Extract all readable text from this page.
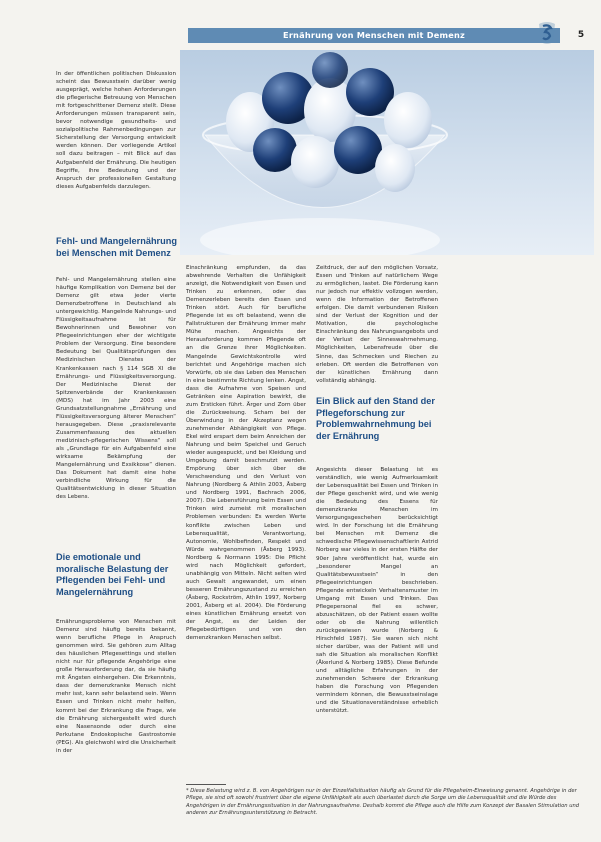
Ernährung von Menschen mit Demenz	5

In der öffentlichen politischen Diskussion scheint das Bewusstsein darüber wenig ausgeprägt, welche hohen Anforderungen die pflegerische Betreuung von Menschen mit fortgeschrittener Demenz stellt. Diese Anforderungen müssen transparent sein, bevor notwendige gesundheits- und sozialpolitische Rahmenbedingungen zur Sicherstellung der Versorgung entwickelt werden können. Der vorliegende Artikel soll dazu beitragen – mit Blick auf das Aufgabenfeld der Ernährung. Die heutigen Begriffe, ihre Bedeutung und der Anspruch der professionellen Gestaltung dieses Aufgabenfelds darzulegen.

Fehl- und Mangelernährung bei Menschen mit Demenz

Fehl- und Mangelernährung stellen eine häufige Komplikation von Demenz bei der Demenz gilt etwa jeder vierte Demenzbetroffene in Deutschland als untergewichtig. Mangelnde Nahrungs- und Flüssigkeitsaufnahme ist für Bewohnerinnen und Bewohner von Pflegeeinrichtungen eher der wichtigste Problem der Versorgung. Eine besondere Bedeutung bei Qualitätsprüfungen des Medizinischen Dienstes der Krankenkassen nach § 114 SGB XI die Ernährungs- und Flüssigkeitsversorgung. Der Medizinische Dienst der Spitzenverbände der Krankenkassen (MDS) hat im Jahr 2003 eine Grundsatzstellungnahme „Ernährung und Flüssigkeitsversorgung älterer Menschen“ herausgegeben. Diese „praxisrelevante Zusammenfassung des aktuellen medizinisch-pflegerischen Wissens“ soll als „Grundlage für ein Aufgabenfeld eine wirksame Bekämpfung der Mangelernährung und Exsikkose“ dienen. Das Dokument hat damit eine hohe verbindliche Wirkung für die Qualitätsentwicklung in dieser Situation des Lebens.

Die emotionale und moralische Belastung der Pflegenden bei Fehl- und Mangelernährung

Ernährungsprobleme von Menschen mit Demenz sind häufig bereits bekannt, wenn berufliche Pflege in Anspruch genommen wird. Sie gehören zum Alltag des häuslichen Pflegesettings und stellen nicht nur für pflegende Angehörige eine große Herausforderung dar, da sie häufig mit Ängsten einhergehen. Die Erkenntnis, dass der demenzkranke Mensch nicht mehr isst, kann sehr belastend sein. Wenn Essen und Trinken nicht mehr helfen, kommt bei der Erkrankung die Frage, wie die Ernährung sichergestellt wird durch eine Nasensonde oder durch eine Perkutane Endoskopische Gastrostomie (PEG). Als gleichwohl wird die Unsicherheit in der

Einschränkung empfunden, da das abwehrende Verhalten die Unfähigkeit anzeigt, die Notwendigkeit von Essen und Trinken zu erkennen, oder das Demenzerleben bereits den Essen und Trinken stört. Auch für berufliche Pflegende ist es oft belastend, wenn die Fallstrukturen der Ernährung immer mehr Mühe machen. Angesichts der Herausforderung kommen Pflegende oft an die Grenze ihrer Möglichkeiten. Mangelnde Gewichtskontrolle wird berichtet und Angehörige machen sich Vorwürfe, ob sie das Leben des Menschen in eine bestimmte Richtung lenken. Angst, dass die Aufnahme von Speisen und Getränken eine Aspiration bewirkt, die zum Ersticken führt. Ärger und Zorn über die Zurückweisung. Scham bei der Überwindung in der Akzeptanz wegen zunehmender Abhängigkeit von Pflege. Ekel wird erspart dem beim Anreichen der Nahrung und beim Speichel und Geruch wieder ausgespuckt, und bei Kleidung und Umgebung damit beschmutzt werden. Empörung über sich über die Verschwendung und den Verlust von Nahrung (Nordberg & Athlin 2003, Åsberg und Nordberg 1991, Bachrach 2006, 2007). Die Lebensführung beim Essen und Trinken wird zumeist mit moralischen Problemen verbunden: Es werden Werte konflikte zwischen Leben und Lebensqualität, Verantwortung, Autonomie, Wohlbefinden, Respekt und Würde wahrgenommen (Åsberg 1993). Nordberg & Normann 1995: Die Pflicht wird nach Möglichkeit gefordert, unabhängig von Mitteln. Nicht selten wird auch Gewalt angewandet, um einen besseren Ernährungszustand zu erreichen (Åsberg, Rockström, Athlin 1997, Norberg 2001, Åsberg et al. 2004). Die Förderung eines künstlichen Ernährung ersetzt von der Angst, es der Leiden der Pflegebedürftigen und von den demenzkranken Menschen selbst.

Zeitdruck, der auf den möglichen Vorsatz, Essen und Trinken auf natürlichem Wege zu ermöglichen, lastet. Die Förderung kann nur jedoch nur effektiv vollzogen werden, wenn die Information der Betroffenen erfolgen. Die damit verbundenen Risiken sind der Verlust der Kognition und der Motivation, die psychologische Einschränkung des Nahrungsangebots und der Verlust der Sinneswahrnehmung. Möglichkeiten, Lebensfreude über die Sinne, das Schmecken und Riechen zu erleben. Oft werden die Betroffenen von der künstlichen Ernährung dann vollständig abhängig.

Ein Blick auf den Stand der Pflegeforschung zur Problemwahrnehmung bei der Ernährung

Angesichts dieser Belastung ist es verständlich, wie wenig Aufmerksamkeit der Lebensqualität bei Essen und Trinken in der Pflege geschenkt wird, und wie wenig die Bedeutung des Essens für demenzkranke Menschen im Versorgungsgeschehen berücksichtigt wird. In der Forschung ist die Ernährung bei Menschen mit Demenz die schwedische Pflegewissenschaftlerin Astrid Norberg war vieles in der ersten Hälfte der 90er Jahre veröffentlicht hat, wurde ein „besonderer Mangel an Qualitätsbewusstsein“ in den Pflegeeinrichtungen beschrieben. Pflegende entwickeln Verhaltensmuster im Umgang mit Essen und Trinken. Das Pflegepersonal fiel es schwer, abzuschätzen, ob der Patient essen wollte oder ob die Nahrung willentlich zurückgewiesen wurde (Norberg & Hirschfeld 1987). Sie waren sich nicht sicher darüber, was der Patient will und sah die Situation als moralischen Konflikt (Åkerlund & Norberg 1985). Diese Befunde und alltägliche Erfahrungen in der zunehmenden Schwere der Erkrankung haben die Forschung von Pflegenden vermindern können, die Bewusstseinslage und die Situationsverständnisse erheblich unterstützt.

* Diese Belastung wird z. B. von Angehörigen nur in der Einzelfallsituation häufig als Grund für die Pflegeheim-Einweisung genannt. Angehörige in der Pflege, sie sind oft sowohl frustriert über die eigene Unfähigkeit als auch überlastet durch die Sorge um die Lebensqualität und die Würde des Angehörigen in der Ernährungssituation in der Nahrungsaufnahme. Deshalb kommt die Pflege auch die Hilfe zum Konzept der Basalen Stimulation und anderen zur Ernährungsunterstützung in Betracht.
